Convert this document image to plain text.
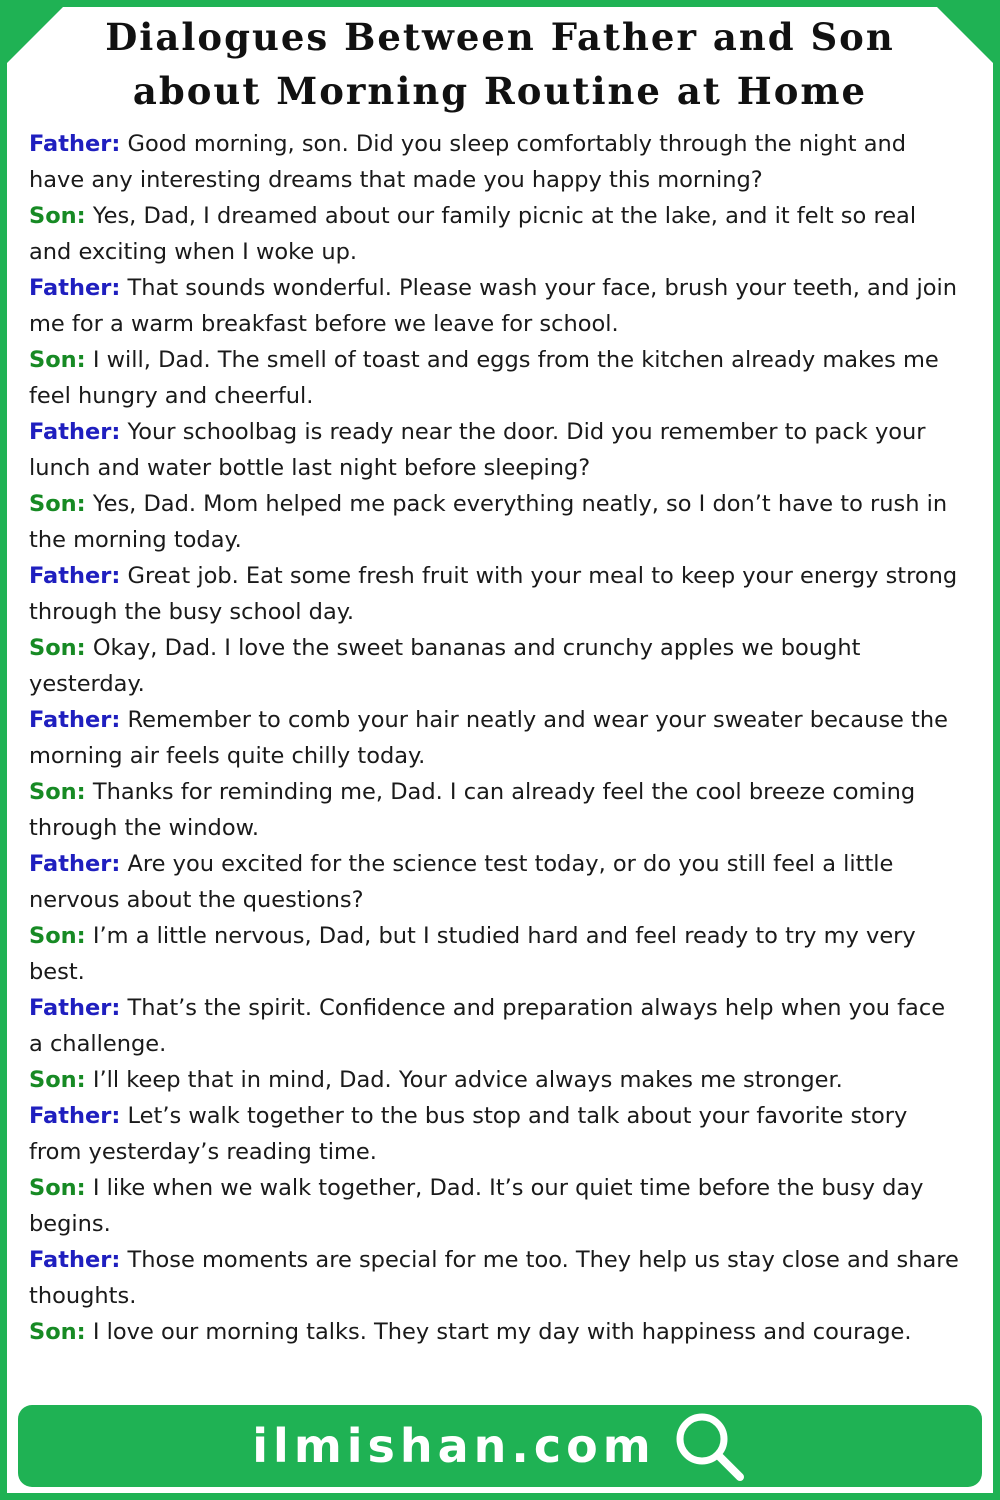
Dialogues Between Father and Son
about Morning Routine at Home

Father: Good morning, son. Did you sleep comfortably through the night and have any interesting dreams that made you happy this morning?

Son: Yes, Dad, I dreamed about our family picnic at the lake, and it felt so real and exciting when I woke up.

Father: That sounds wonderful. Please wash your face, brush your teeth, and join me for a warm breakfast before we leave for school.

Son: I will, Dad. The smell of toast and eggs from the kitchen already makes me feel hungry and cheerful.

Father: Your schoolbag is ready near the door. Did you remember to pack your lunch and water bottle last night before sleeping?

Son: Yes, Dad. Mom helped me pack everything neatly, so I don’t have to rush in the morning today.

Father: Great job. Eat some fresh fruit with your meal to keep your energy strong through the busy school day.

Son: Okay, Dad. I love the sweet bananas and crunchy apples we bought yesterday.

Father: Remember to comb your hair neatly and wear your sweater because the morning air feels quite chilly today.

Son: Thanks for reminding me, Dad. I can already feel the cool breeze coming through the window.

Father: Are you excited for the science test today, or do you still feel a little nervous about the questions?

Son: I’m a little nervous, Dad, but I studied hard and feel ready to try my very best.

Father: That’s the spirit. Confidence and preparation always help when you face a challenge.

Son: I’ll keep that in mind, Dad. Your advice always makes me stronger.

Father: Let’s walk together to the bus stop and talk about your favorite story from yesterday’s reading time.

Son: I like when we walk together, Dad. It’s our quiet time before the busy day begins.

Father: Those moments are special for me too. They help us stay close and share thoughts.

Son: I love our morning talks. They start my day with happiness and courage.

ilmishan.com
